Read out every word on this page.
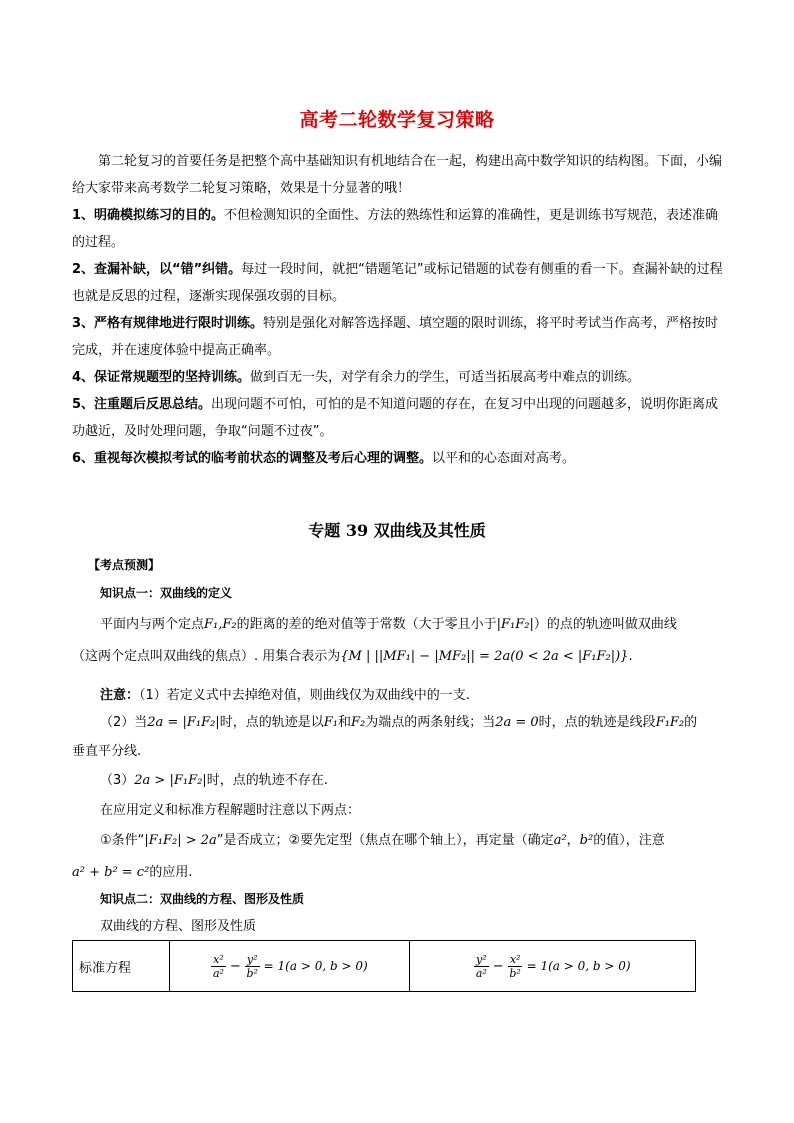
高考二轮数学复习策略

第二轮复习的首要任务是把整个高中基础知识有机地结合在一起，构建出高中数学知识的结构图。下面，小编给大家带来高考数学二轮复习策略，效果是十分显著的哦！

1、明确模拟练习的目的。不但检测知识的全面性、方法的熟练性和运算的准确性，更是训练书写规范，表述准确的过程。

2、查漏补缺，以“错”纠错。每过一段时间，就把“错题笔记”或标记错题的试卷有侧重的看一下。查漏补缺的过程也就是反思的过程，逐渐实现保强攻弱的目标。

3、严格有规律地进行限时训练。特别是强化对解答选择题、填空题的限时训练，将平时考试当作高考，严格按时完成，并在速度体验中提高正确率。

4、保证常规题型的坚持训练。做到百无一失，对学有余力的学生，可适当拓展高考中难点的训练。

5、注重题后反思总结。出现问题不可怕，可怕的是不知道问题的存在，在复习中出现的问题越多，说明你距离成功越近，及时处理问题，争取“问题不过夜”。

6、重视每次模拟考试的临考前状态的调整及考后心理的调整。以平和的心态面对高考。

专题 39 双曲线及其性质
【考点预测】
知识点一：双曲线的定义
平面内与两个定点F₁,F₂的距离的差的绝对值等于常数（大于零且小于|F₁F₂|）的点的轨迹叫做双曲线
（这两个定点叫双曲线的焦点）. 用集合表示为{M | ||MF₁| − |MF₂|| = 2a(0 < 2a < |F₁F₂|)}.
注意：（1）若定义式中去掉绝对值，则曲线仅为双曲线中的一支.
（2）当2a = |F₁F₂|时，点的轨迹是以F₁和F₂为端点的两条射线；当2a = 0时，点的轨迹是线段F₁F₂的
垂直平分线.
（3）2a > |F₁F₂|时，点的轨迹不存在.
在应用定义和标准方程解题时注意以下两点：
①条件“|F₁F₂| > 2a”是否成立；②要先定型（焦点在哪个轴上），再定量（确定a²，b²的值），注意
a² + b² = c²的应用.
知识点二：双曲线的方程、图形及性质
双曲线的方程、图形及性质
标准方程	$\frac{\text{x²}}{\text{a²}} - \frac{\text{y²}}{\text{b²}} = 1(a > 0$, b > 0)	$\frac{\text{y²}}{\text{a²}} - \frac{\text{x²}}{\text{b²}} = 1(a > 0$, b > 0)
